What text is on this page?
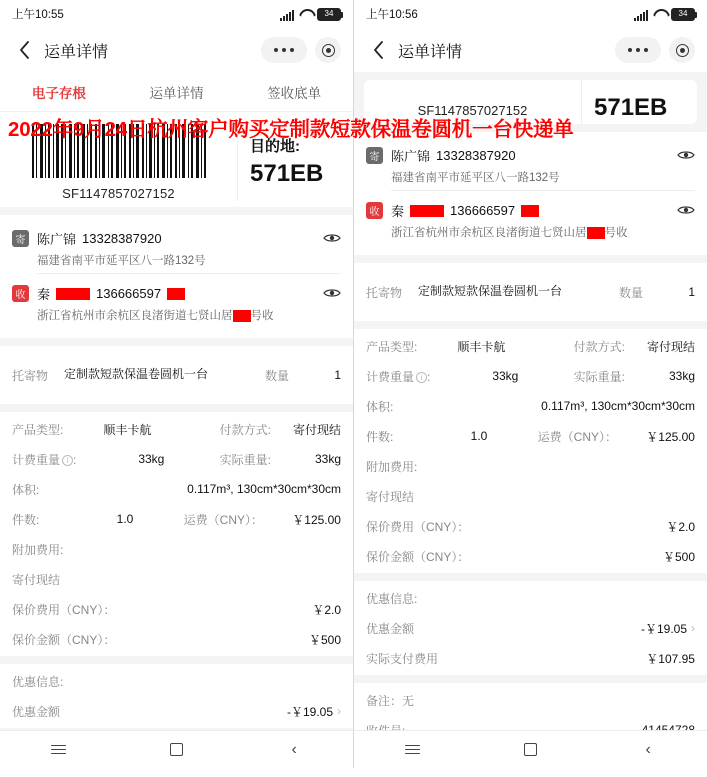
上午10:55	34
运单详情
电子存根	运单详情	签收底单
SF1147857027152
目的地:
571EB
寄 陈广锦 13328387920
福建省南平市延平区八一路132号
收 秦	136666597
浙江省杭州市余杭区良渚街道七贤山居 号收
托寄物	定制款短款保温卷圆机一台	数量	1
产品类型:	顺丰卡航	付款方式:	寄付现结
计费重量 i :	33kg	实际重量:	33kg
体积:	0.117m³, 130cm*30cm*30cm
件数:	1.0	运费（CNY）：	￥125.00
附加费用:
寄付现结
保价费用（CNY）：	￥2.0
保价金额（CNY）：	￥500
优惠信息:
优惠金额	-￥19.05 ›
‹
上午10:56	34
运单详情
SF1147857027152	571EB
寄 陈广锦 13328387920
福建省南平市延平区八一路132号
收 秦	136666597
浙江省杭州市余杭区良渚街道七贤山居 号收
托寄物	定制款短款保温卷圆机一台	数量	1
产品类型:	顺丰卡航	付款方式:	寄付现结
计费重量 i :	33kg	实际重量:	33kg
体积:	0.117m³, 130cm*30cm*30cm
件数:	1.0	运费（CNY）：	￥125.00
附加费用:
寄付现结
保价费用（CNY）：	￥2.0
保价金额（CNY）：	￥500
优惠信息:
优惠金额	-￥19.05 ›
实际支付费用	￥107.95
备注：无
‹
2022年9月24日杭州客户购买定制款短款保温卷圆机一台快递单
